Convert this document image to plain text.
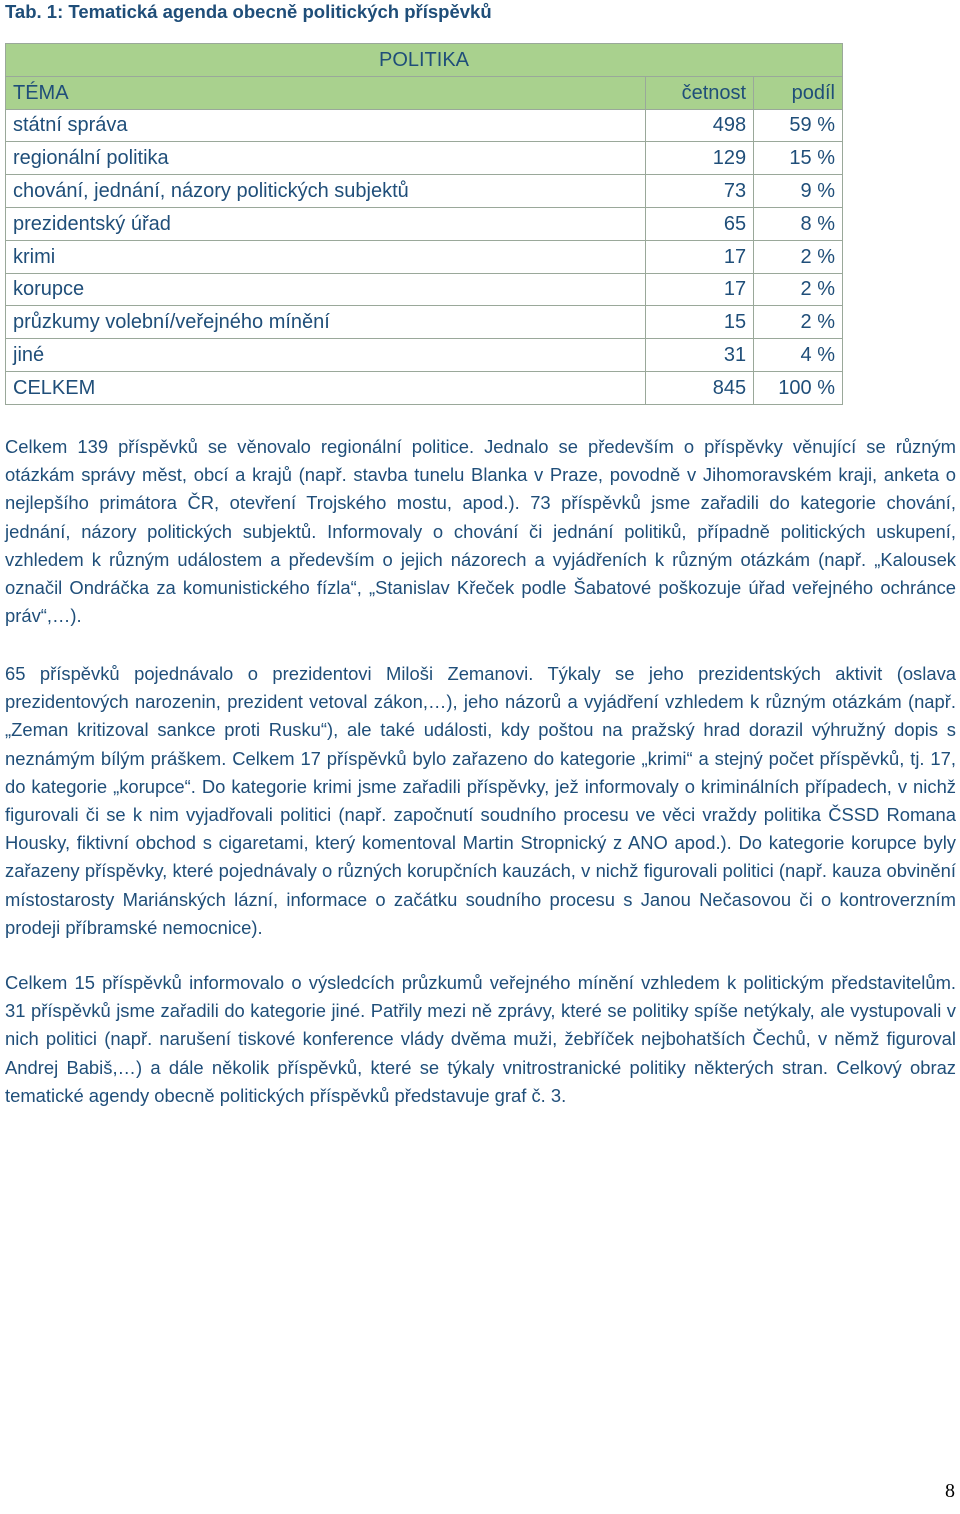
Tab. 1: Tematická agenda obecně politických příspěvků
POLITIKA		
TÉMA	četnost	podíl
státní správa	498	59 %
regionální politika	129	15 %
chování, jednání, názory politických subjektů	73	9 %
prezidentský úřad	65	8 %
krimi	17	2 %
korupce	17	2 %
průzkumy volební/veřejného mínění	15	2 %
jiné	31	4 %
CELKEM	845	100 %

Celkem 139 příspěvků se věnovalo regionální politice. Jednalo se především o příspěvky věnující se různým otázkám správy měst, obcí a krajů (např. stavba tunelu Blanka v Praze, povodně v Jihomoravském kraji, anketa o nejlepšího primátora ČR, otevření Trojského mostu, apod.). 73 příspěvků jsme zařadili do kategorie chování, jednání, názory politických subjektů. Informovaly o chování či jednání politiků, případně politických uskupení, vzhledem k různým událostem a především o jejich názorech a vyjádřeních k různým otázkám (např. „Kalousek označil Ondráčka za komunistického fízla“, „Stanislav Křeček podle Šabatové poškozuje úřad veřejného ochránce práv“,…).

65 příspěvků pojednávalo o prezidentovi Miloši Zemanovi. Týkaly se jeho prezidentských aktivit (oslava prezidentových narozenin, prezident vetoval zákon,…), jeho názorů a vyjádření vzhledem k různým otázkám (např. „Zeman kritizoval sankce proti Rusku“), ale také události, kdy poštou na pražský hrad dorazil výhružný dopis s neznámým bílým práškem. Celkem 17 příspěvků bylo zařazeno do kategorie „krimi“ a stejný počet příspěvků, tj. 17, do kategorie „korupce“. Do kategorie krimi jsme zařadili příspěvky, jež informovaly o kriminálních případech, v nichž figurovali či se k nim vyjadřovali politici (např. započnutí soudního procesu ve věci vraždy politika ČSSD Romana Housky, fiktivní obchod s cigaretami, který komentoval Martin Stropnický z ANO apod.). Do kategorie korupce byly zařazeny příspěvky, které pojednávaly o různých korupčních kauzách, v nichž figurovali politici (např. kauza obvinění místostarosty Mariánských lázní, informace o začátku soudního procesu s Janou Nečasovou či o kontroverzním prodeji příbramské nemocnice).

Celkem 15 příspěvků informovalo o výsledcích průzkumů veřejného mínění vzhledem k politickým představitelům. 31 příspěvků jsme zařadili do kategorie jiné. Patřily mezi ně zprávy, které se politiky spíše netýkaly, ale vystupovali v nich politici (např. narušení tiskové konference vlády dvěma muži, žebříček nejbohatších Čechů, v němž figuroval Andrej Babiš,…) a dále několik příspěvků, které se týkaly vnitrostranické politiky některých stran. Celkový obraz tematické agendy obecně politických příspěvků představuje graf č. 3.

8
